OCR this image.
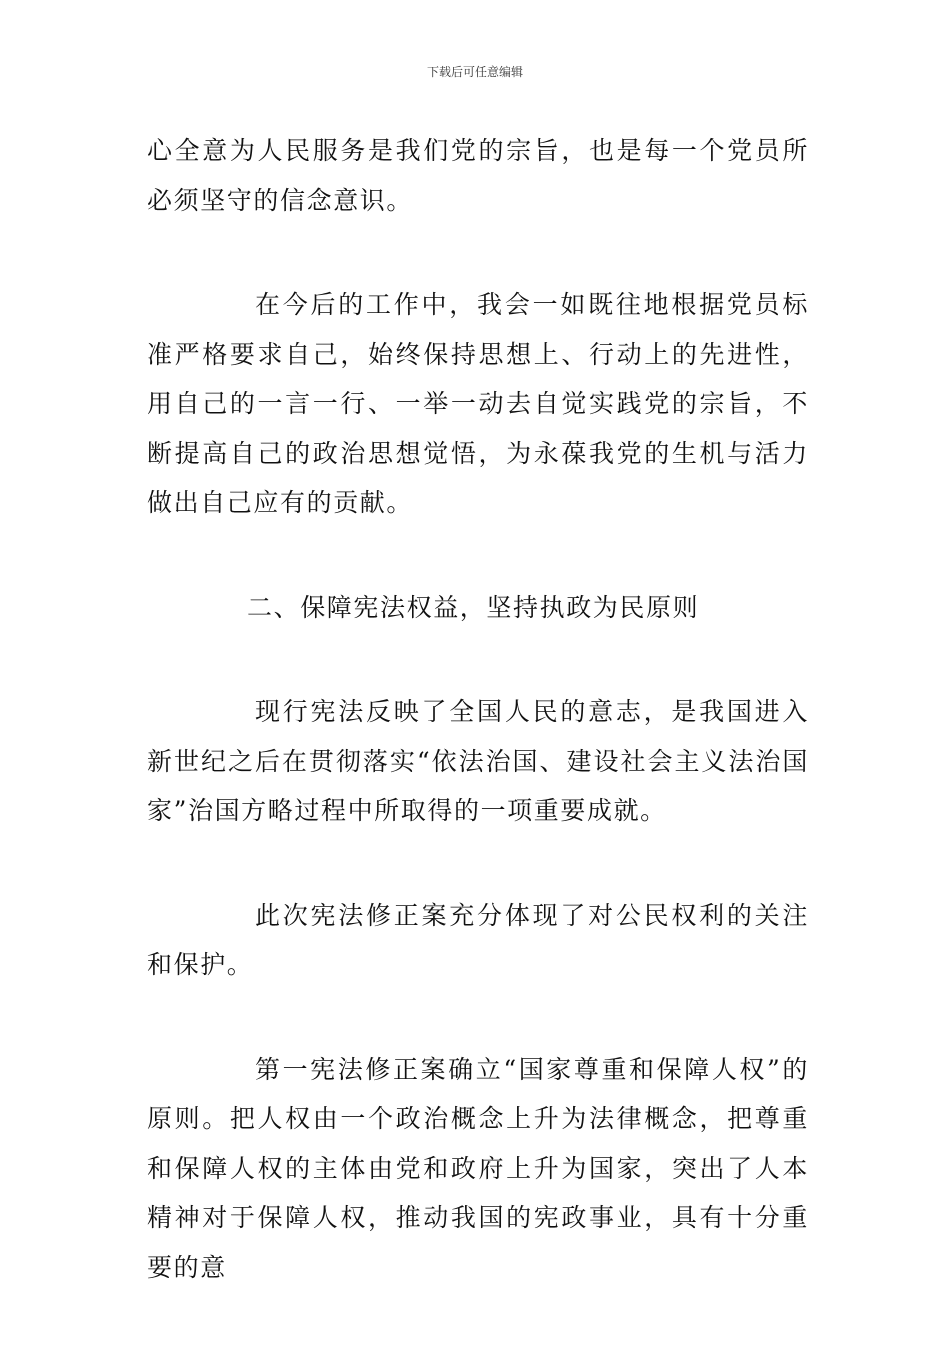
下载后可任意编辑

心全意为人民服务是我们党的宗旨，也是每一个党员所必须坚守的信念意识。

在今后的工作中，我会一如既往地根据党员标准严格要求自己，始终保持思想上、行动上的先进性，用自己的一言一行、一举一动去自觉实践党的宗旨，不断提高自己的政治思想觉悟，为永葆我党的生机与活力做出自己应有的贡献。

二、保障宪法权益，坚持执政为民原则

现行宪法反映了全国人民的意志，是我国进入新世纪之后在贯彻落实“依法治国、建设社会主义法治国家”治国方略过程中所取得的一项重要成就。

此次宪法修正案充分体现了对公民权利的关注和保护。

第一宪法修正案确立“国家尊重和保障人权”的原则。把人权由一个政治概念上升为法律概念，把尊重和保障人权的主体由党和政府上升为国家，突出了人本精神对于保障人权，推动我国的宪政事业，具有十分重要的意
